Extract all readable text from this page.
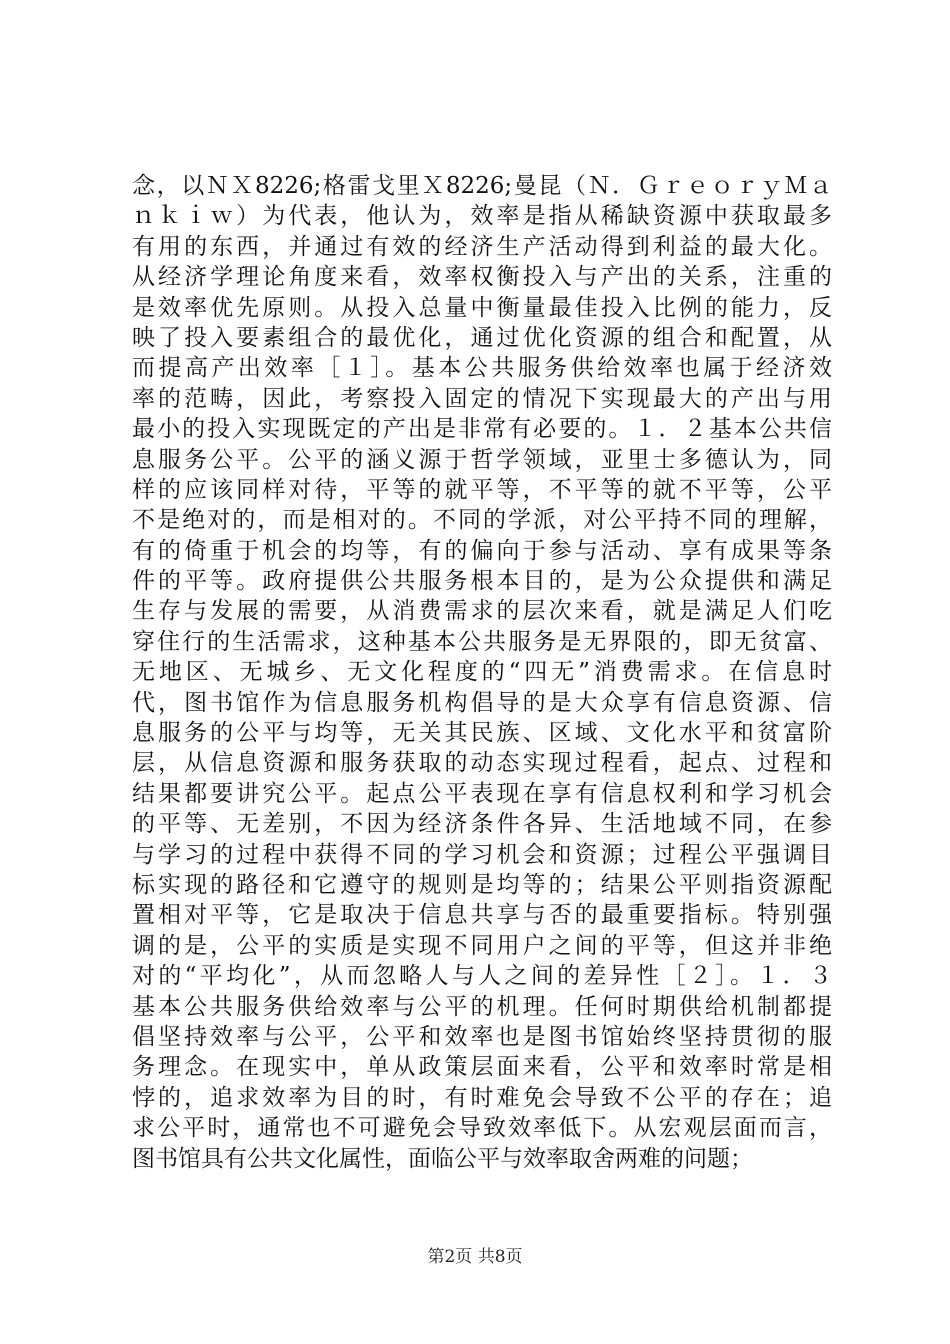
念，以ＮＸ8226;格雷戈里Ｘ8226;曼昆（Ｎ．ＧｒｅｏｒｙＭａ
ｎｋｉｗ）为代表，他认为，效率是指从稀缺资源中获取最多
有用的东西，并通过有效的经济生产活动得到利益的最大化。
从经济学理论角度来看，效率权衡投入与产出的关系，注重的
是效率优先原则。从投入总量中衡量最佳投入比例的能力，反
映了投入要素组合的最优化，通过优化资源的组合和配置，从
而提高产出效率［１］。基本公共服务供给效率也属于经济效
率的范畴，因此，考察投入固定的情况下实现最大的产出与用
最小的投入实现既定的产出是非常有必要的。１．２基本公共信
息服务公平。公平的涵义源于哲学领域，亚里士多德认为，同
样的应该同样对待，平等的就平等，不平等的就不平等，公平
不是绝对的，而是相对的。不同的学派，对公平持不同的理解，
有的倚重于机会的均等，有的偏向于参与活动、享有成果等条
件的平等。政府提供公共服务根本目的，是为公众提供和满足
生存与发展的需要，从消费需求的层次来看，就是满足人们吃
穿住行的生活需求，这种基本公共服务是无界限的，即无贫富、
无地区、无城乡、无文化程度的“四无”消费需求。在信息时
代，图书馆作为信息服务机构倡导的是大众享有信息资源、信
息服务的公平与均等，无关其民族、区域、文化水平和贫富阶
层，从信息资源和服务获取的动态实现过程看，起点、过程和
结果都要讲究公平。起点公平表现在享有信息权利和学习机会
的平等、无差别，不因为经济条件各异、生活地域不同，在参
与学习的过程中获得不同的学习机会和资源；过程公平强调目
标实现的路径和它遵守的规则是均等的；结果公平则指资源配
置相对平等，它是取决于信息共享与否的最重要指标。特别强
调的是，公平的实质是实现不同用户之间的平等，但这并非绝
对的“平均化”，从而忽略人与人之间的差异性［２］。１．３
基本公共服务供给效率与公平的机理。任何时期供给机制都提
倡坚持效率与公平，公平和效率也是图书馆始终坚持贯彻的服
务理念。在现实中，单从政策层面来看，公平和效率时常是相
悖的，追求效率为目的时，有时难免会导致不公平的存在；追
求公平时，通常也不可避免会导致效率低下。从宏观层面而言，
图书馆具有公共文化属性，面临公平与效率取舍两难的问题；
第2页 共8页
